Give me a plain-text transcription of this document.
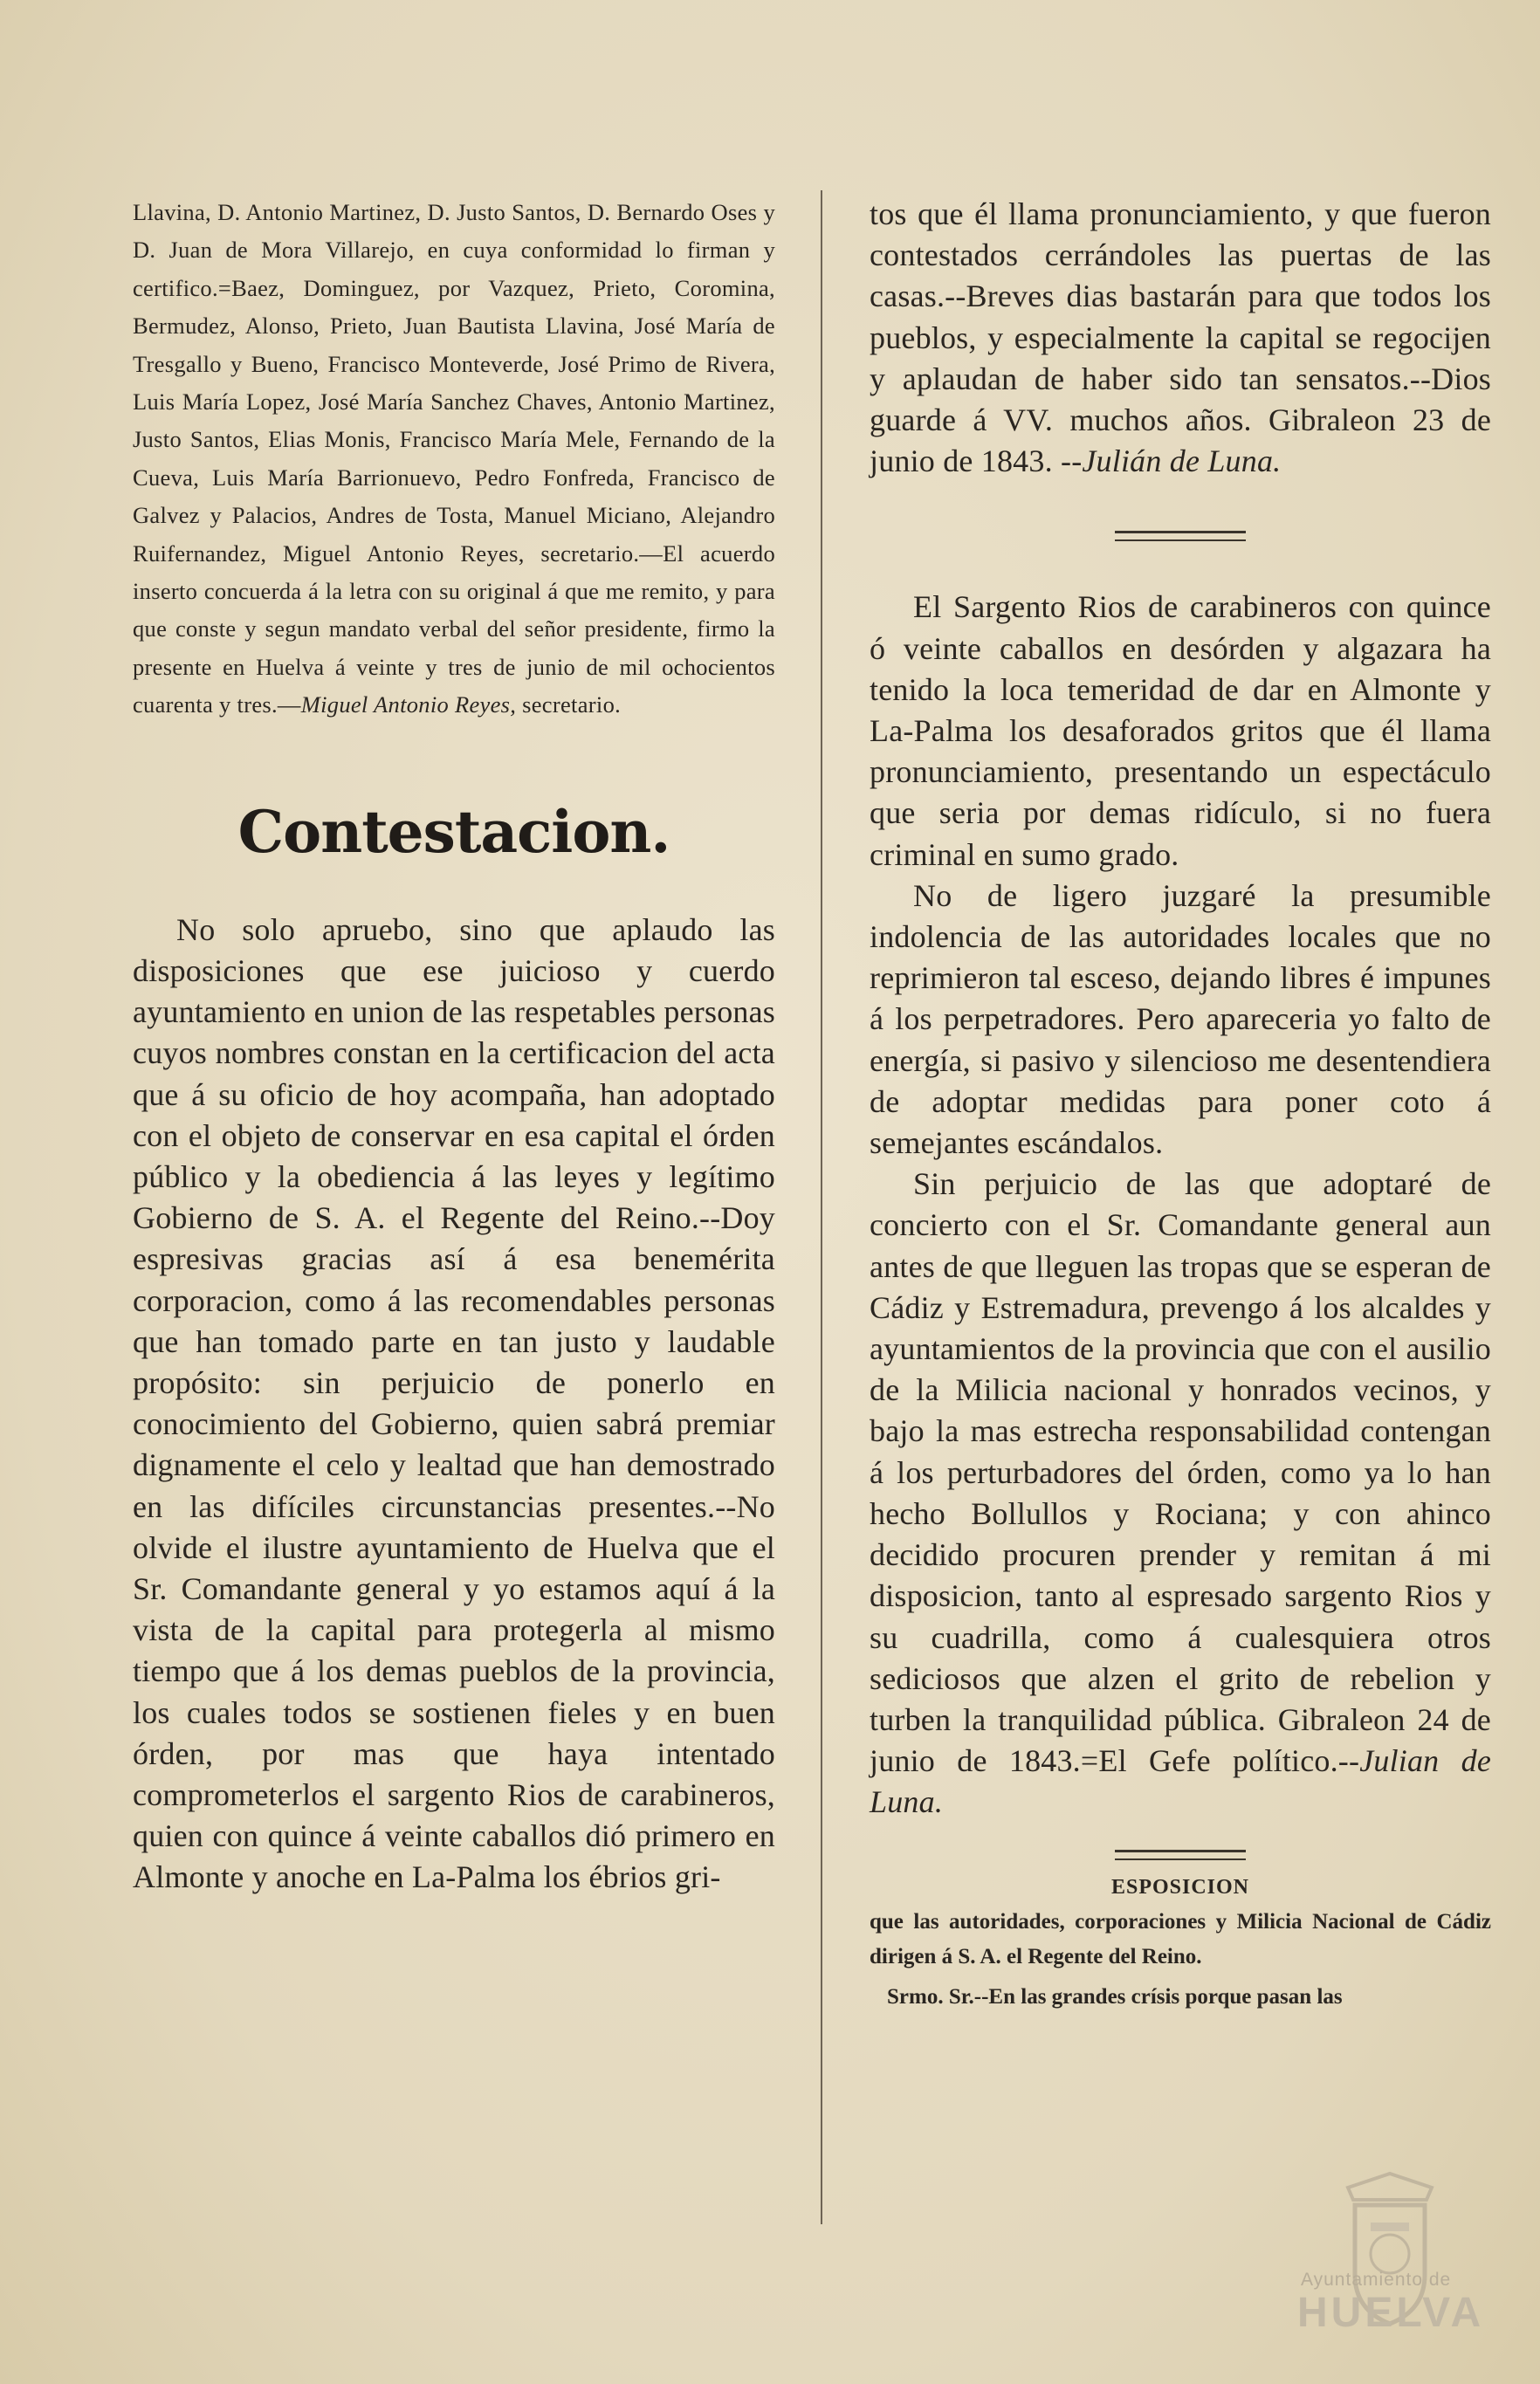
Llavina, D. Antonio Martinez, D. Justo Santos, D. Bernardo Oses y D. Juan de Mora Villarejo, en cuya conformidad lo firman y certifico.=Baez, Dominguez, por Vazquez, Prieto, Coromina, Bermudez, Alonso, Prieto, Juan Bautista Llavina, José María de Tresgallo y Bueno, Francisco Monteverde, José Primo de Rivera, Luis María Lopez, José María Sanchez Chaves, Antonio Martinez, Justo Santos, Elias Monis, Francisco María Mele, Fernando de la Cueva, Luis María Barrionuevo, Pedro Fonfreda, Francisco de Galvez y Palacios, Andres de Tosta, Manuel Miciano, Alejandro Ruifernandez, Miguel Antonio Reyes, secretario.—El acuerdo inserto concuerda á la letra con su original á que me remito, y para que conste y segun mandato verbal del señor presidente, firmo la presente en Huelva á veinte y tres de junio de mil ochocientos cuarenta y tres.—Miguel Antonio Reyes, secretario.

Contestacion.

No solo apruebo, sino que aplaudo las disposiciones que ese juicioso y cuerdo ayuntamiento en union de las respetables personas cuyos nombres constan en la certificacion del acta que á su oficio de hoy acompaña, han adoptado con el objeto de conservar en esa capital el órden público y la obediencia á las leyes y legítimo Gobierno de S. A. el Regente del Reino.--Doy espresivas gracias así á esa benemérita corporacion, como á las recomendables personas que han tomado parte en tan justo y laudable propósito: sin perjuicio de ponerlo en conocimiento del Gobierno, quien sabrá premiar dignamente el celo y lealtad que han demostrado en las difíciles circunstancias presentes.--No olvide el ilustre ayuntamiento de Huelva que el Sr. Comandante general y yo estamos aquí á la vista de la capital para protegerla al mismo tiempo que á los demas pueblos de la provincia, los cuales todos se sostienen fieles y en buen órden, por mas que haya intentado comprometerlos el sargento Rios de carabineros, quien con quince á veinte caballos dió primero en Almonte y anoche en La-Palma los ébrios gri-

tos que él llama pronunciamiento, y que fueron contestados cerrándoles las puertas de las casas.--Breves dias bastarán para que todos los pueblos, y especialmente la capital se regocijen y aplaudan de haber sido tan sensatos.--Dios guarde á VV. muchos años. Gibraleon 23 de junio de 1843. --Julián de Luna.

El Sargento Rios de carabineros con quince ó veinte caballos en desórden y algazara ha tenido la loca temeridad de dar en Almonte y La-Palma los desaforados gritos que él llama pronunciamiento, presentando un espectáculo que seria por demas ridículo, si no fuera criminal en sumo grado.

No de ligero juzgaré la presumible indolencia de las autoridades locales que no reprimieron tal esceso, dejando libres é impunes á los perpetradores. Pero apareceria yo falto de energía, si pasivo y silencioso me desentendiera de adoptar medidas para poner coto á semejantes escándalos.

Sin perjuicio de las que adoptaré de concierto con el Sr. Comandante general aun antes de que lleguen las tropas que se esperan de Cádiz y Estremadura, prevengo á los alcaldes y ayuntamientos de la provincia que con el ausilio de la Milicia nacional y honrados vecinos, y bajo la mas estrecha responsabilidad contengan á los perturbadores del órden, como ya lo han hecho Bollullos y Rociana; y con ahinco decidido procuren prender y remitan á mi disposicion, tanto al espresado sargento Rios y su cuadrilla, como á cualesquiera otros sediciosos que alzen el grito de rebelion y turben la tranquilidad pública. Gibraleon 24 de junio de 1843.=El Gefe político.--Julian de Luna.

ESPOSICION

que las autoridades, corporaciones y Milicia Nacional de Cádiz dirigen á S. A. el Regente del Reino.

Srmo. Sr.--En las grandes crísis porque pasan las

Ayuntamiento de
HUELVA
